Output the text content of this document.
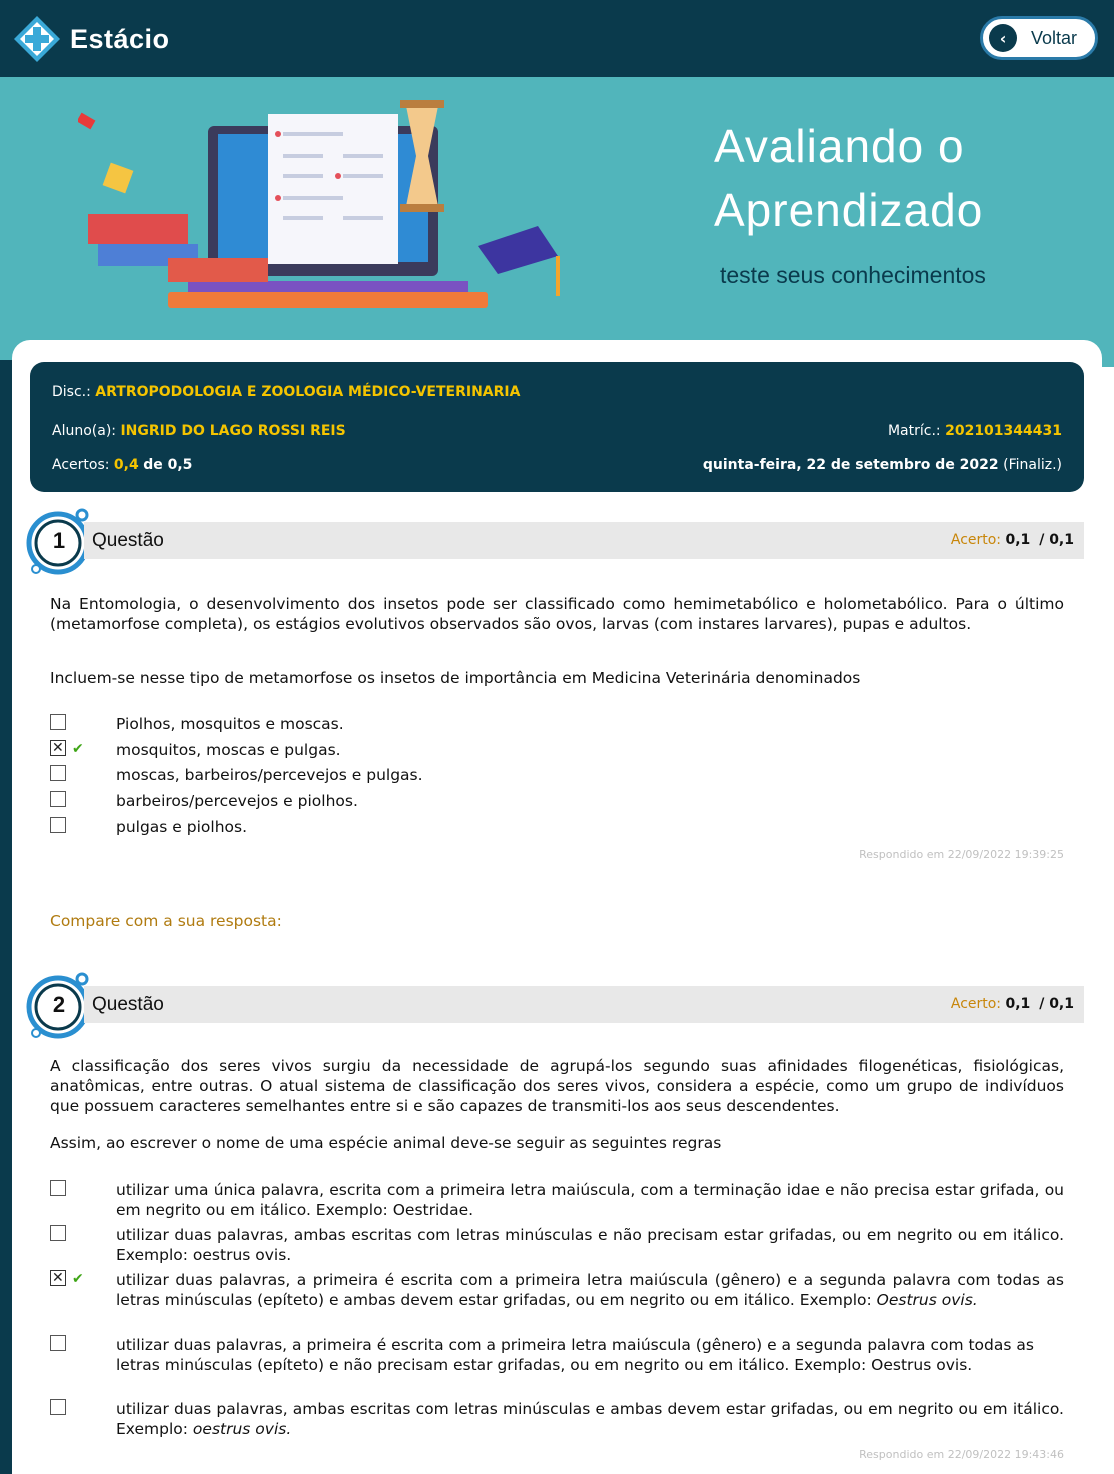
Estácio	‹	Voltar
Avaliando o
Aprendizado
teste seus conhecimentos
Disc.: ARTROPODOLOGIA E ZOOLOGIA MÉDICO-VETERINARIA
Aluno(a): INGRID DO LAGO ROSSI REIS	Matríc.: 202101344431
Acertos: 0,4 de 0,5	quinta-feira, 22 de setembro de 2022 (Finaliz.)
1 Questão	Acerto: 0,1 / 0,1
Na Entomologia, o desenvolvimento dos insetos pode ser classificado como hemimetabólico e holometabólico. Para o último (metamorfose completa), os estágios evolutivos observados são ovos, larvas (com instares larvares), pupas e adultos.
Incluem-se nesse tipo de metamorfose os insetos de importância em Medicina Veterinária denominados
Piolhos, mosquitos e moscas.
✕
✔ mosquitos, moscas e pulgas.
moscas, barbeiros/percevejos e pulgas.
barbeiros/percevejos e piolhos.
pulgas e piolhos.
Respondido em 22/09/2022 19:39:25
Compare com a sua resposta:
2 Questão	Acerto: 0,1 / 0,1
A classificação dos seres vivos surgiu da necessidade de agrupá-los segundo suas afinidades filogenéticas, fisiológicas, anatômicas, entre outras. O atual sistema de classificação dos seres vivos, considera a espécie, como um grupo de indivíduos que possuem caracteres semelhantes entre si e são capazes de transmiti-los aos seus descendentes.
Assim, ao escrever o nome de uma espécie animal deve-se seguir as seguintes regras
utilizar uma única palavra, escrita com a primeira letra maiúscula, com a terminação idae e não precisa estar grifada, ou em negrito ou em itálico. Exemplo: Oestridae.
utilizar duas palavras, ambas escritas com letras minúsculas e não precisam estar grifadas, ou em negrito ou em itálico. Exemplo: oestrus ovis.
✕
✔ utilizar duas palavras, a primeira é escrita com a primeira letra maiúscula (gênero) e a segunda palavra com todas as letras minúsculas (epíteto) e ambas devem estar grifadas, ou em negrito ou em itálico. Exemplo: Oestrus ovis.
utilizar duas palavras, a primeira é escrita com a primeira letra maiúscula (gênero) e a segunda palavra com todas as letras minúsculas (epíteto) e não precisam estar grifadas, ou em negrito ou em itálico. Exemplo: Oestrus ovis.
utilizar duas palavras, ambas escritas com letras minúsculas e ambas devem estar grifadas, ou em negrito ou em itálico. Exemplo: oestrus ovis.
Respondido em 22/09/2022 19:43:46
